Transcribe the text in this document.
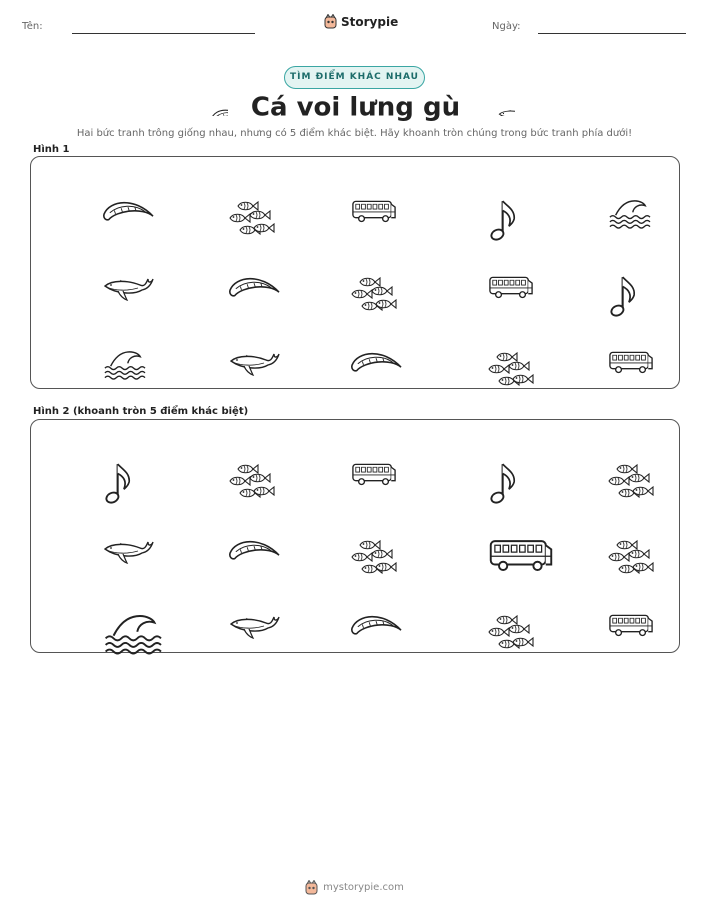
Tên:	Storypie	Ngày:
TÌM ĐIỂM KHÁC NHAU
Cá voi lưng gù
Hai bức tranh trông giống nhau, nhưng có 5 điểm khác biệt. Hãy khoanh tròn chúng trong bức tranh phía dưới!
Hình 1
Hình 2 (khoanh tròn 5 điểm khác biệt)
mystorypie.com
